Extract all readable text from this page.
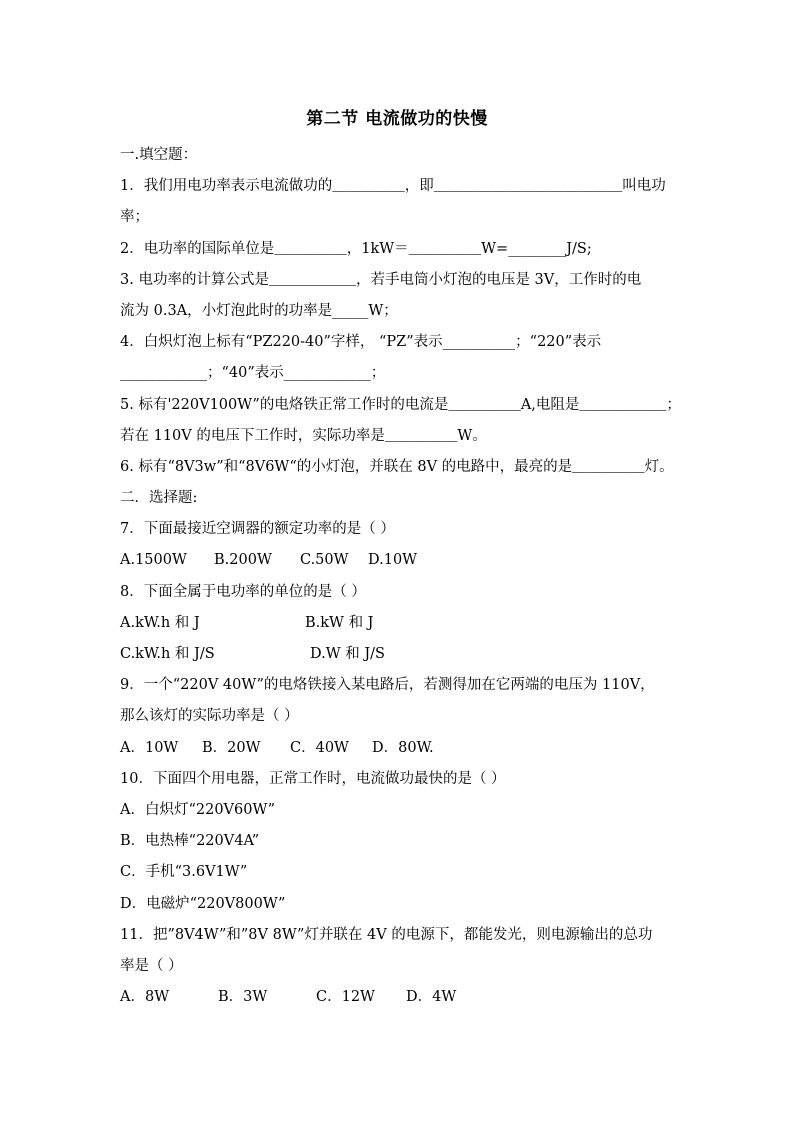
第二节 电流做功的快慢
一.填空题：
1．我们用电功率表示电流做功的＿＿＿＿＿，即＿＿＿＿＿＿＿＿＿＿＿＿＿叫电功
率；
2．电功率的国际单位是＿＿＿＿＿，1kW＝＿＿＿＿＿W=________J/S;
3. 电功率的计算公式是＿＿＿＿＿＿，若手电筒小灯泡的电压是 3V，工作时的电
流为 0.3A，小灯泡此时的功率是_____W；
4．白炽灯泡上标有“PZ220-40”字样， “PZ”表示__________；“220”表示
____________；“40”表示____________；
5. 标有'220V100W”的电烙铁正常工作时的电流是＿＿＿＿＿A,电阻是＿＿＿＿＿＿；
若在 110V 的电压下工作时，实际功率是＿＿＿＿＿W。
6. 标有“8V3w”和“8V6W“的小灯泡，并联在 8V 的电路中，最亮的是＿＿＿＿＿灯。
二．选择题:
7．下面最接近空调器的额定功率的是（ ）
A.1500W B.200W C.50W D.10W
8．下面全属于电功率的单位的是（ ）
A.kW.h 和 J	B.kW 和 J
C.kW.h 和 J/S	D.W 和 J/S
9．一个“220V 40W”的电烙铁接入某电路后，若测得加在它两端的电压为 110V，
那么该灯的实际功率是（ ）
A．10W B．20W C．40W D．80W.
10．下面四个用电器，正常工作时，电流做功最快的是（ ）
A．白炽灯“220V60W”
B．电热棒“220V4A”
C．手机“3.6V1W”
D．电磁炉“220V800W”
11．把”8V4W”和”8V 8W”灯并联在 4V 的电源下，都能发光，则电源输出的总功
率是（ ）
A．8W	B．3W	C．12W D．4W
